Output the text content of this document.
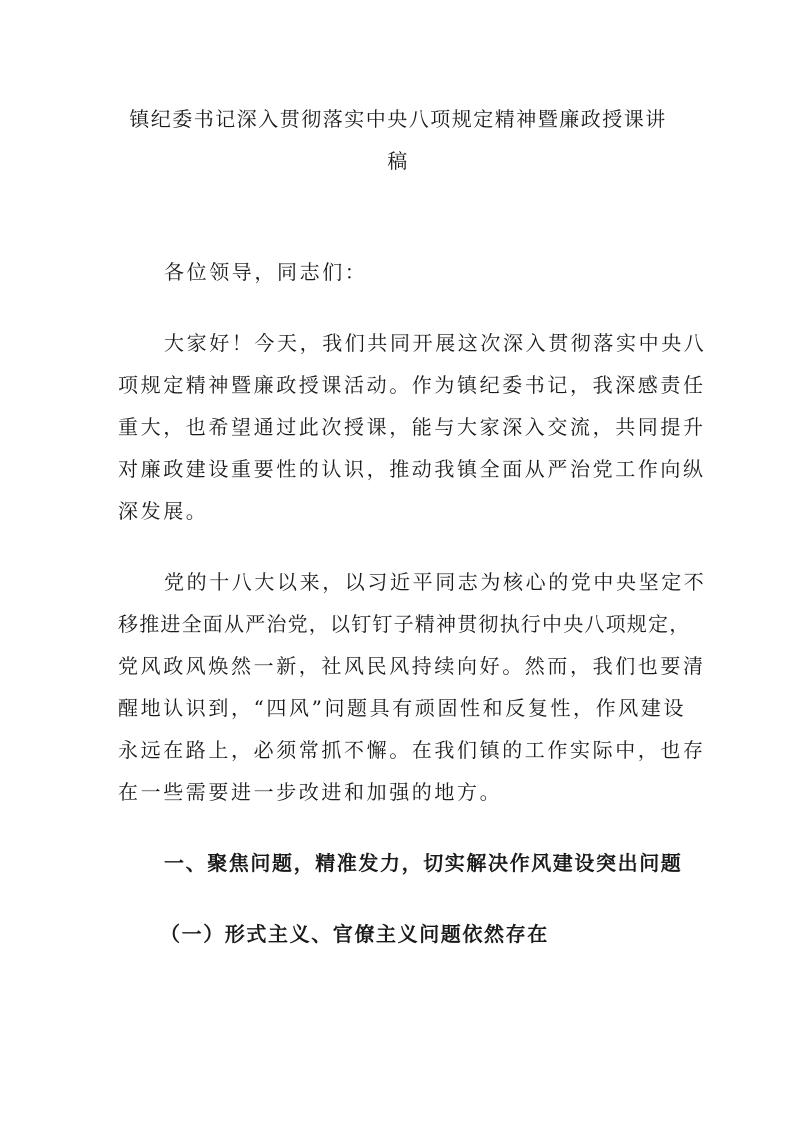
镇纪委书记深入贯彻落实中央八项规定精神暨廉政授课讲
稿

各位领导，同志们：

大家好！今天，我们共同开展这次深入贯彻落实中央八
项规定精神暨廉政授课活动。作为镇纪委书记，我深感责任
重大，也希望通过此次授课，能与大家深入交流，共同提升
对廉政建设重要性的认识，推动我镇全面从严治党工作向纵
深发展。

党的十八大以来，以习近平同志为核心的党中央坚定不
移推进全面从严治党，以钉钉子精神贯彻执行中央八项规定，
党风政风焕然一新，社风民风持续向好。然而，我们也要清
醒地认识到，“四风”问题具有顽固性和反复性，作风建设
永远在路上，必须常抓不懈。在我们镇的工作实际中，也存
在一些需要进一步改进和加强的地方。

一、聚焦问题，精准发力，切实解决作风建设突出问题
（一）形式主义、官僚主义问题依然存在
